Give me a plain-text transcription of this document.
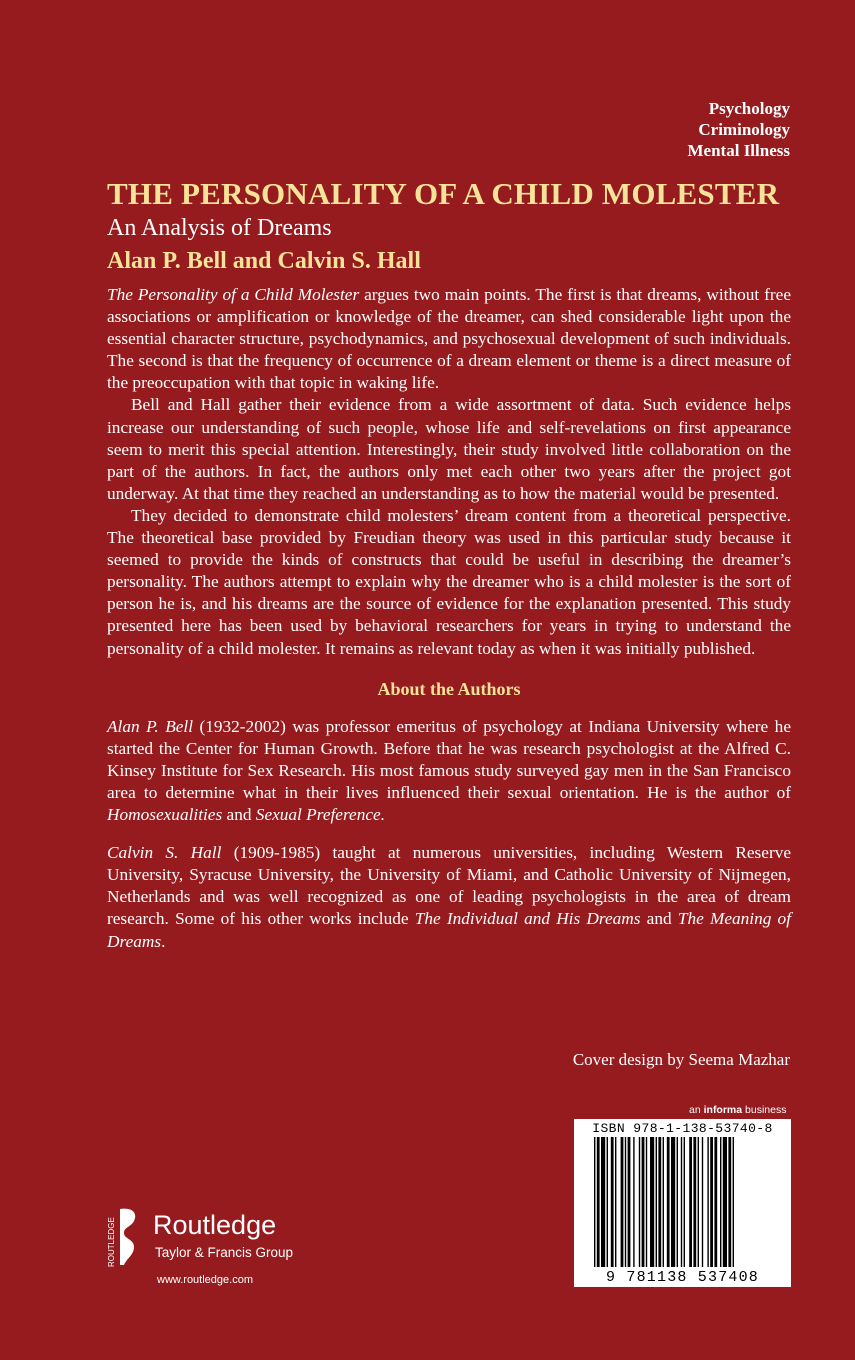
Psychology
Criminology
Mental Illness
THE PERSONALITY OF A CHILD MOLESTER
An Analysis of Dreams
Alan P. Bell and Calvin S. Hall

The Personality of a Child Molester argues two main points. The first is that dreams, without free associations or amplification or knowledge of the dreamer, can shed considerable light upon the essential character structure, psychodynamics, and psychosexual development of such individuals. The second is that the frequency of occurrence of a dream element or theme is a direct measure of the preoccupation with that topic in waking life.

Bell and Hall gather their evidence from a wide assortment of data. Such evidence helps increase our understanding of such people, whose life and self-revelations on first appearance seem to merit this special attention. Interestingly, their study involved little collaboration on the part of the authors. In fact, the authors only met each other two years after the project got underway. At that time they reached an understanding as to how the material would be presented.

They decided to demonstrate child molesters’ dream content from a theoretical perspective. The theoretical base provided by Freudian theory was used in this particular study because it seemed to provide the kinds of constructs that could be useful in describing the dreamer’s personality. The authors attempt to explain why the dreamer who is a child molester is the sort of person he is, and his dreams are the source of evidence for the explanation presented. This study presented here has been used by behavioral researchers for years in trying to understand the personality of a child molester. It remains as relevant today as when it was initially published.

About the Authors

Alan P. Bell (1932-2002) was professor emeritus of psychology at Indiana University where he started the Center for Human Growth. Before that he was research psychologist at the Alfred C. Kinsey Institute for Sex Research. His most famous study surveyed gay men in the San Francisco area to determine what in their lives influenced their sexual orientation. He is the author of Homosexualities and Sexual Preference.

Calvin S. Hall (1909-1985) taught at numerous universities, including Western Reserve University, Syracuse University, the University of Miami, and Catholic University of Nijmegen, Netherlands and was well recognized as one of leading psychologists in the area of dream research. Some of his other works include The Individual and His Dreams and The Meaning of Dreams.

Cover design by Seema Mazhar
an informa business
ISBN 978-1-138-53740-8
9 781138 537408
ROUTLEDGE Routledge
Taylor & Francis Group
www.routledge.com
